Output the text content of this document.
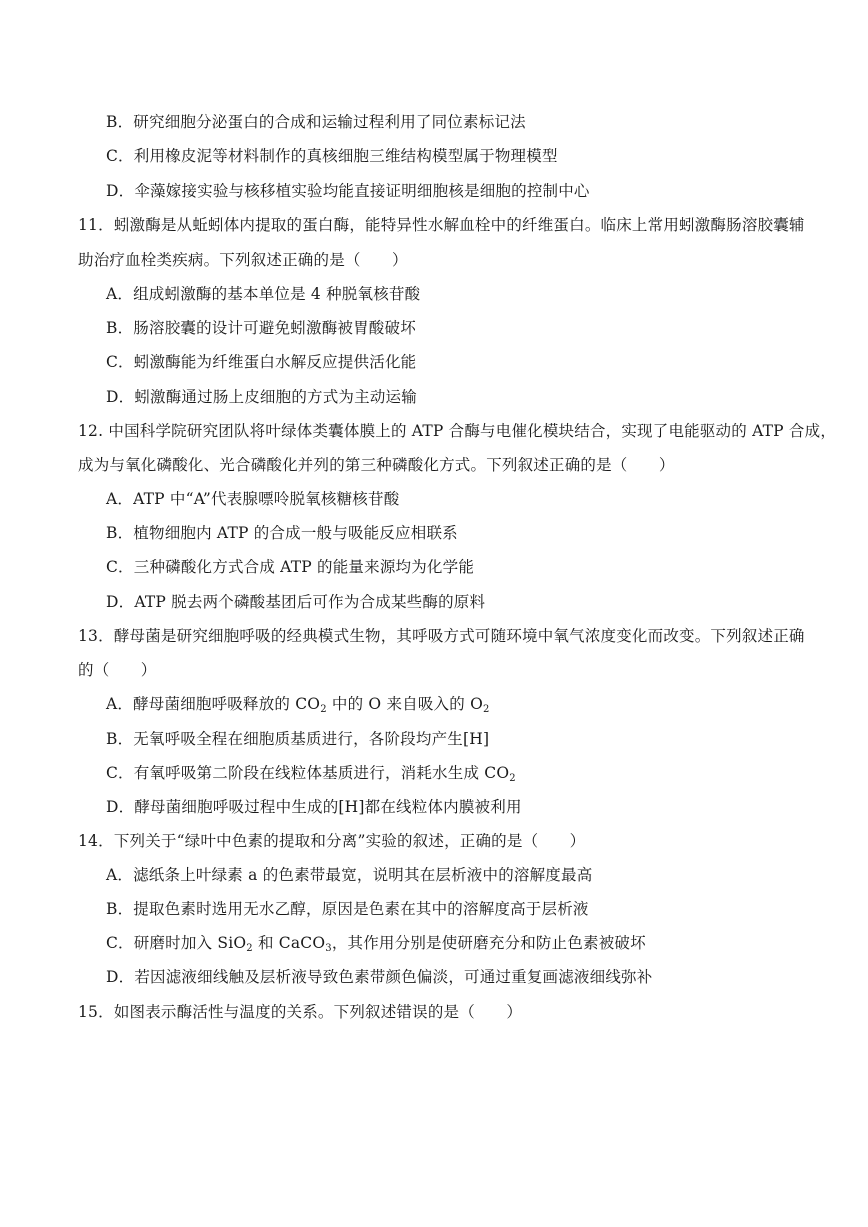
B．研究细胞分泌蛋白的合成和运输过程利用了同位素标记法
C．利用橡皮泥等材料制作的真核细胞三维结构模型属于物理模型
D．伞藻嫁接实验与核移植实验均能直接证明细胞核是细胞的控制中心
11．蚓激酶是从蚯蚓体内提取的蛋白酶，能特异性水解血栓中的纤维蛋白。临床上常用蚓激酶肠溶胶囊辅
助治疗血栓类疾病。下列叙述正确的是（　　）
A．组成蚓激酶的基本单位是 4 种脱氧核苷酸
B．肠溶胶囊的设计可避免蚓激酶被胃酸破坏
C．蚓激酶能为纤维蛋白水解反应提供活化能
D．蚓激酶通过肠上皮细胞的方式为主动运输
12. 中国科学院研究团队将叶绿体类囊体膜上的 ATP 合酶与电催化模块结合，实现了电能驱动的 ATP 合成，
成为与氧化磷酸化、光合磷酸化并列的第三种磷酸化方式。下列叙述正确的是（　　）
A．ATP 中“A”代表腺嘌呤脱氧核糖核苷酸
B．植物细胞内 ATP 的合成一般与吸能反应相联系
C．三种磷酸化方式合成 ATP 的能量来源均为化学能
D．ATP 脱去两个磷酸基团后可作为合成某些酶的原料
13．酵母菌是研究细胞呼吸的经典模式生物，其呼吸方式可随环境中氧气浓度变化而改变。下列叙述正确
的（　　）
A．酵母菌细胞呼吸释放的 $CO_2$ 中的 O 来自吸入的 $O_2$
B．无氧呼吸全程在细胞质基质进行，各阶段均产生[H]
C．有氧呼吸第二阶段在线粒体基质进行，消耗水生成 $CO_2$
D．酵母菌细胞呼吸过程中生成的[H]都在线粒体内膜被利用
14．下列关于“绿叶中色素的提取和分离”实验的叙述，正确的是（　　）
A．滤纸条上叶绿素 a 的色素带最宽，说明其在层析液中的溶解度最高
B．提取色素时选用无水乙醇，原因是色素在其中的溶解度高于层析液
C．研磨时加入 SiO$_2$ 和 CaCO$_3$，其作用分别是使研磨充分和防止色素被破坏
D．若因滤液细线触及层析液导致色素带颜色偏淡，可通过重复画滤液细线弥补
15．如图表示酶活性与温度的关系。下列叙述错误的是（　　）
